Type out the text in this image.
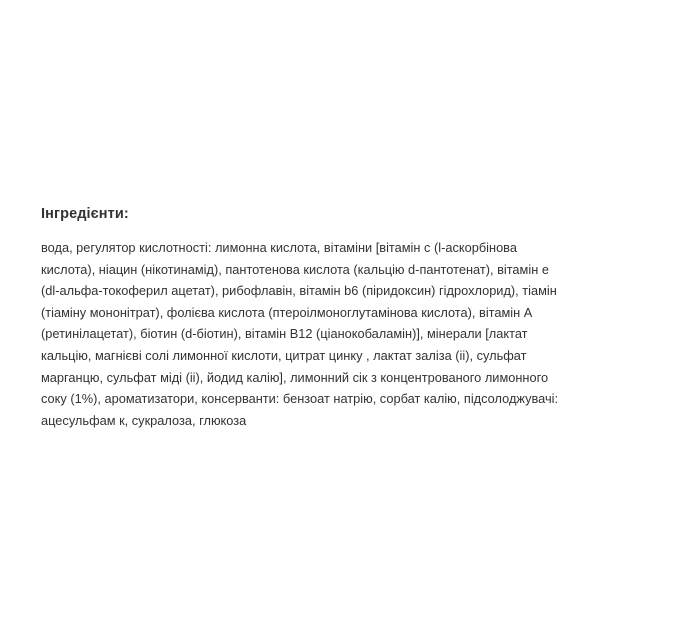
Інгредієнти:

вода, регулятор кислотності: лимонна кислота, вітаміни [вітамін с (l-аскорбінова
кислота), ніацин (нікотинамід), пантотенова кислота (кальцію d-пантотенат), вітамін е
(dl-альфа-токоферил ацетат), рибофлавін, вітамін b6 (піридоксин) гідрохлорид), тіамін
(тіаміну мононітрат), фолієва кислота (птероілмоноглутамінова кислота), вітамін А
(ретинілацетат), біотин (d-біотин), вітамін В12 (ціанокобаламін)], мінерали [лактат
кальцію, магнієві солі лимонної кислоти, цитрат цинку , лактат заліза (ii), сульфат
марганцю, сульфат міді (ii), йодид калію], лимонний сік з концентрованого лимонного
соку (1%), ароматизатори, консерванти: бензоат натрію, сорбат калію, підсолоджувачі:
ацесульфам к, сукралоза, глюкоза
